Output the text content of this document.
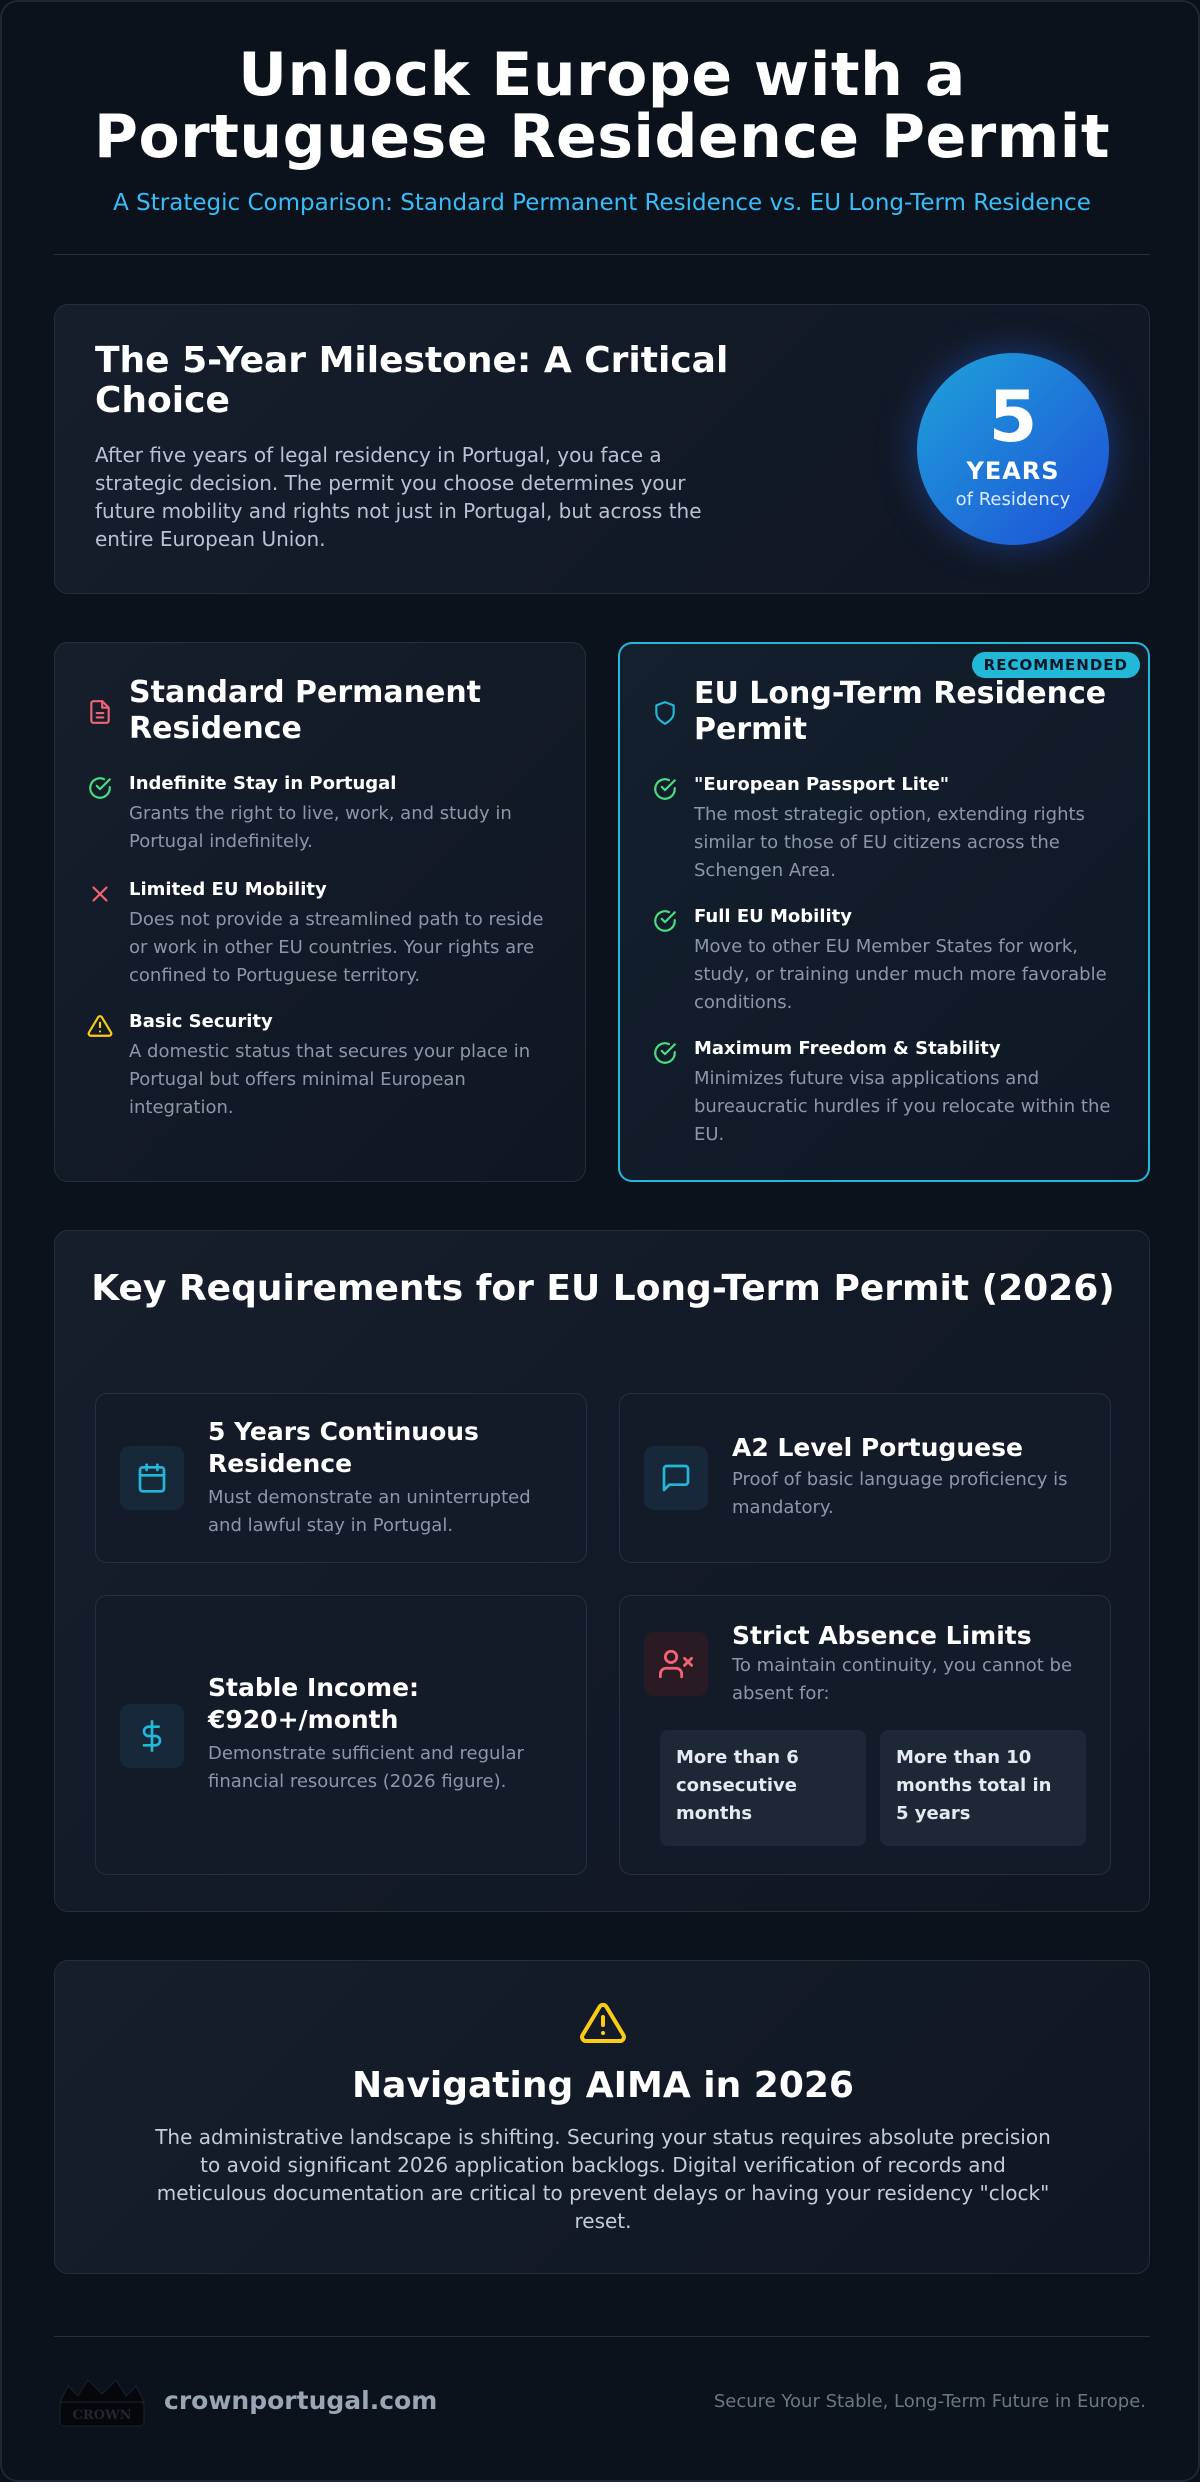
Unlock Europe with a
Portuguese Residence Permit
A Strategic Comparison: Standard Permanent Residence vs. EU Long-Term Residence
The 5-Year Milestone: A Critical Choice

After five years of legal residency in Portugal, you face a strategic decision. The permit you choose determines your future mobility and rights not just in Portugal, but across the entire European Union.

5
YEARS
of Residency
Standard Permanent Residence
Indefinite Stay in Portugal
Grants the right to live, work, and study in Portugal indefinitely.
Limited EU Mobility
Does not provide a streamlined path to reside or work in other EU countries. Your rights are confined to Portuguese territory.
Basic Security
A domestic status that secures your place in Portugal but offers minimal European integration.
RECOMMENDED
EU Long-Term Residence Permit
"European Passport Lite"
The most strategic option, extending rights similar to those of EU citizens across the Schengen Area.
Full EU Mobility
Move to other EU Member States for work, study, or training under much more favorable conditions.
Maximum Freedom & Stability
Minimizes future visa applications and bureaucratic hurdles if you relocate within the EU.
Key Requirements for EU Long-Term Permit (2026)
5 Years Continuous Residence
Must demonstrate an uninterrupted and lawful stay in Portugal.
A2 Level Portuguese
Proof of basic language proficiency is mandatory.
Stable Income: €920+/month
Demonstrate sufficient and regular financial resources (2026 figure).
Strict Absence Limits
To maintain continuity, you cannot be absent for:
More than 6 consecutive months
More than 10 months total in 5 years
Navigating AIMA in 2026

The administrative landscape is shifting. Securing your status requires absolute precision to avoid significant 2026 application backlogs. Digital verification of records and meticulous documentation are critical to prevent delays or having your residency "clock" reset.

CROWN
crownportugal.com	Secure Your Stable, Long-Term Future in Europe.
